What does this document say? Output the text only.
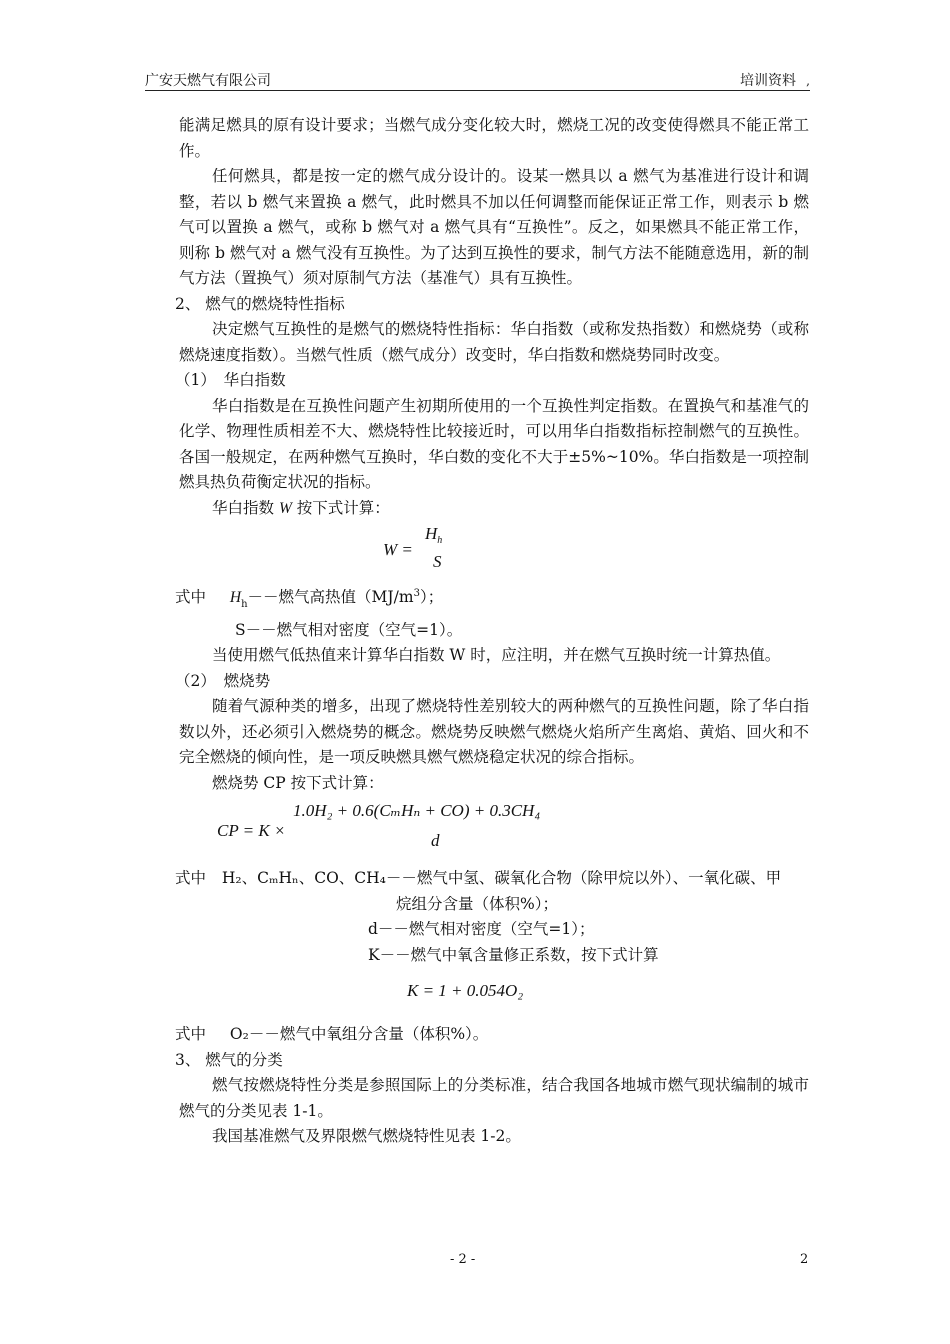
广安天燃气有限公司	培训资料 ,

能满足燃具的原有设计要求；当燃气成分变化较大时，燃烧工况的改变使得燃具不能正常工作。

任何燃具，都是按一定的燃气成分设计的。设某一燃具以 a 燃气为基准进行设计和调整，若以 b 燃气来置换 a 燃气，此时燃具不加以任何调整而能保证正常工作，则表示 b 燃气可以置换 a 燃气，或称 b 燃气对 a 燃气具有“互换性”。反之，如果燃具不能正常工作，则称 b 燃气对 a 燃气没有互换性。为了达到互换性的要求，制气方法不能随意选用，新的制气方法（置换气）须对原制气方法（基准气）具有互换性。

2、 燃气的燃烧特性指标

决定燃气互换性的是燃气的燃烧特性指标：华白指数（或称发热指数）和燃烧势（或称燃烧速度指数）。当燃气性质（燃气成分）改变时，华白指数和燃烧势同时改变。

（1）　华白指数

华白指数是在互换性问题产生初期所使用的一个互换性判定指数。在置换气和基准气的化学、物理性质相差不大、燃烧特性比较接近时，可以用华白指数指标控制燃气的互换性。各国一般规定，在两种燃气互换时，华白数的变化不大于±5%~10%。华白指数是一项控制燃具热负荷衡定状况的指标。

华白指数 W 按下式计算：

W =
$H_h$
S

式中 $H_h--$燃气高热值$(MJ/m^3)$；

S－－燃气相对密度（空气=1）。

当使用燃气低热值来计算华白指数 W 时，应注明，并在燃气互换时统一计算热值。

（2）　燃烧势

随着气源种类的增多，出现了燃烧特性差别较大的两种燃气的互换性问题，除了华白指数以外，还必须引入燃烧势的概念。燃烧势反映燃气燃烧火焰所产生离焰、黄焰、回火和不完全燃烧的倾向性，是一项反映燃具燃气燃烧稳定状况的综合指标。

燃烧势 CP 按下式计算：

CP = K ×
1.0H₂ + 0.6(CₘHₙ + CO) + 0.3CH₄
d

式中 H₂、CₘHₙ、CO、CH₄－－燃气中氢、碳氧化合物（除甲烷以外）、一氧化碳、甲

烷组分含量（体积%）；

d－－燃气相对密度（空气=1）；

K－－燃气中氧含量修正系数，按下式计算

K = 1 + 0.054O₂

式中 O₂－－燃气中氧组分含量（体积%）。

3、 燃气的分类

燃气按燃烧特性分类是参照国际上的分类标准，结合我国各地城市燃气现状编制的城市燃气的分类见表 1-1。

我国基准燃气及界限燃气燃烧特性见表 1-2。

- 2 -	2
